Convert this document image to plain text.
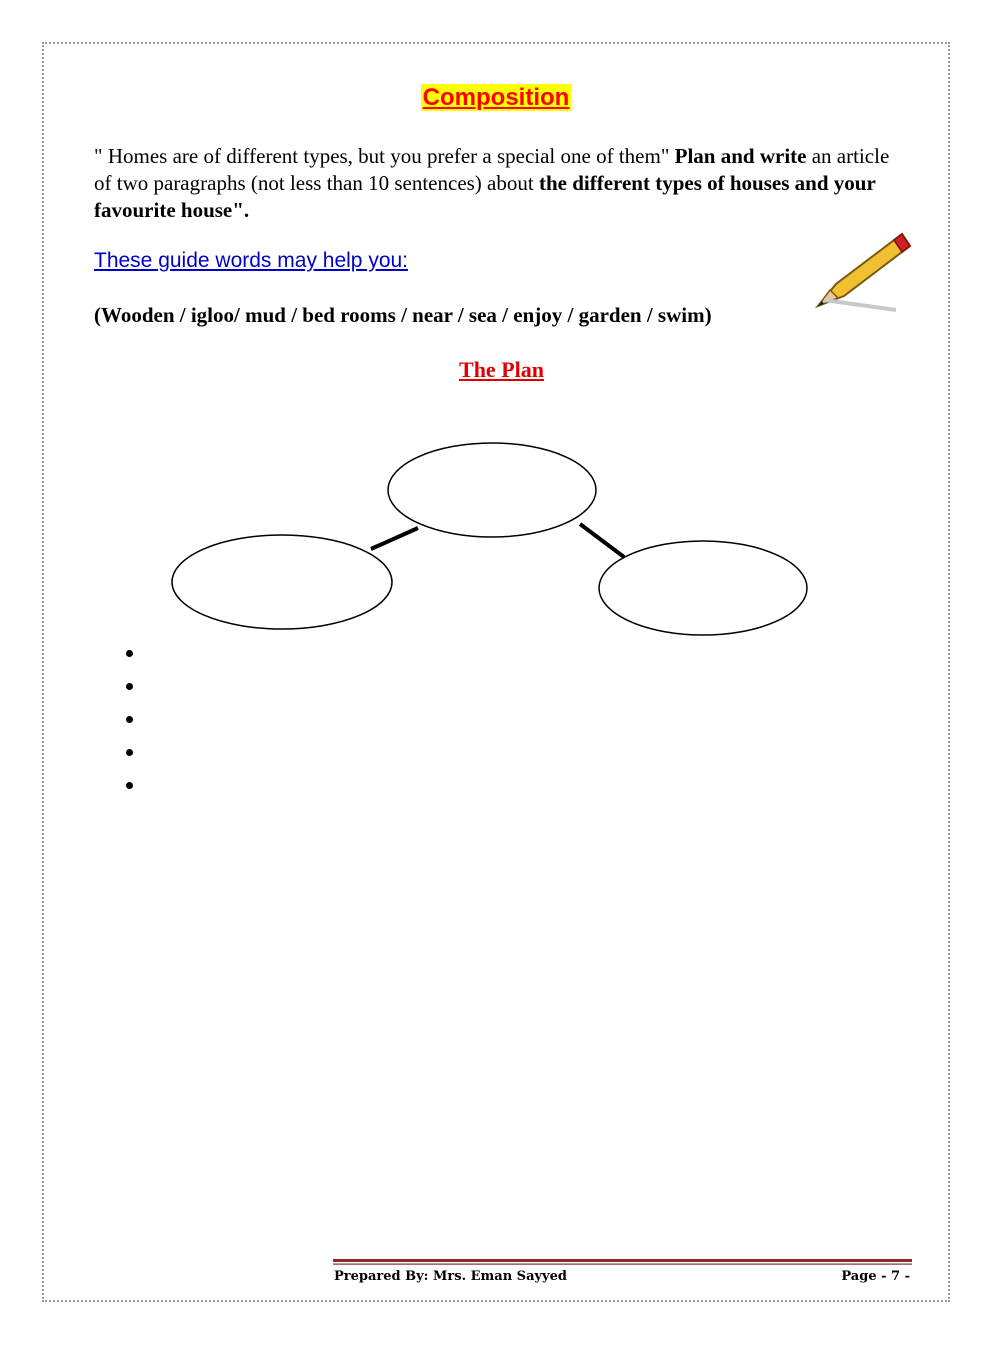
Composition
" Homes are of different types, but you prefer a special one of them" Plan and write an article of two paragraphs (not less than 10 sentences) about the different types of houses and your favourite house".
These guide words may help you:
(Wooden / igloo/ mud / bed rooms / near / sea / enjoy / garden / swim)
The Plan
Prepared By: Mrs. Eman Sayyed	Page - 7 -
